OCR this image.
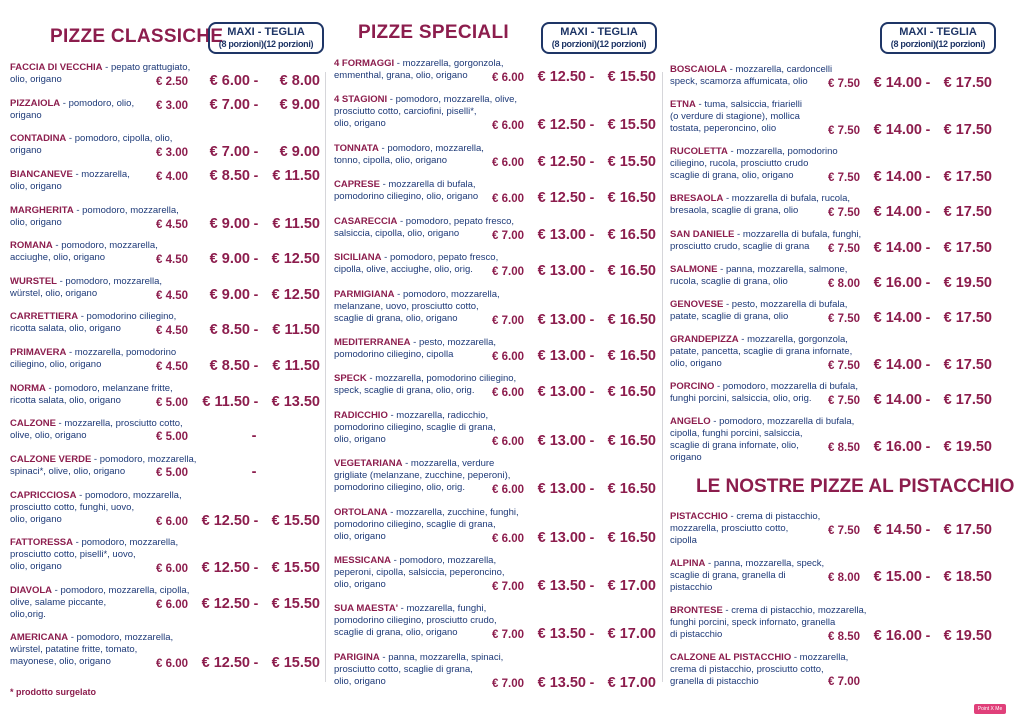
PIZZE CLASSICHE MAXI - TEGLIA
(8 porzioni)(12 porzioni)
PIZZE SPECIALI	MAXI - TEGLIA
(8 porzioni)(12 porzioni)
MAXI - TEGLIA
(8 porzioni)(12 porzioni)
€ 2.50	€ 6.00 -	€ 8.00
FACCIA DI VECCHIA - pepato grattugiato,
olio, origano
€ 3.00	€ 7.00 -	€ 9.00
PIZZAIOLA - pomodoro, olio, origano
€ 3.00	€ 7.00 -	€ 9.00
CONTADINA - pomodoro, cipolla, olio,
origano
€ 4.00	€ 8.50 - € 11.50
BIANCANEVE - mozzarella, olio, origano
€ 4.50	€ 9.00 - € 11.50
MARGHERITA - pomodoro, mozzarella,
olio, origano
€ 4.50	€ 9.00 - € 12.50
ROMANA - pomodoro, mozzarella,
acciughe, olio, origano
€ 4.50	€ 9.00 - € 12.50
WURSTEL - pomodoro, mozzarella,
würstel, olio, origano
€ 4.50	€ 8.50 - € 11.50
CARRETTIERA - pomodorino ciliegino,
ricotta salata, olio, origano
€ 4.50	€ 8.50 - € 11.50
PRIMAVERA - mozzarella, pomodorino
ciliegino, olio, origano
€ 5.00 € 11.50 - € 13.50
NORMA - pomodoro, melanzane fritte,
ricotta salata, olio, origano
€ 5.00	-
CALZONE - mozzarella, prosciutto cotto,
olive, olio, origano
€ 5.00	-
CALZONE VERDE - pomodoro, mozzarella,
spinaci*, olive, olio, origano
€ 6.00 € 12.50 - € 15.50
CAPRICCIOSA - pomodoro, mozzarella,
prosciutto cotto, funghi, uovo,
olio, origano
€ 6.00 € 12.50 - € 15.50
FATTORESSA - pomodoro, mozzarella,
prosciutto cotto, piselli*, uovo,
olio, origano
€ 6.00 € 12.50 - € 15.50
DIAVOLA - pomodoro, mozzarella, cipolla,
olive, salame piccante, olio,orig.
€ 6.00 € 12.50 - € 15.50
AMERICANA - pomodoro, mozzarella,
würstel, patatine fritte, tomato,
mayonese, olio, origano
* prodotto surgelato
€ 6.00 € 12.50 - € 15.50
4 FORMAGGI - mozzarella, gorgonzola,
emmenthal, grana, olio, origano
€ 6.00 € 12.50 - € 15.50
4 STAGIONI - pomodoro, mozzarella, olive,
prosciutto cotto, carciofini, piselli*,
olio, origano
€ 6.00 € 12.50 - € 15.50
TONNATA - pomodoro, mozzarella,
tonno, cipolla, olio, origano
€ 6.00 € 12.50 - € 16.50
CAPRESE - mozzarella di bufala,
pomodorino ciliegino, olio, origano
€ 7.00 € 13.00 - € 16.50
CASARECCIA - pomodoro, pepato fresco,
salsiccia, cipolla, olio, origano
€ 7.00 € 13.00 - € 16.50
SICILIANA - pomodoro, pepato fresco,
cipolla, olive, acciughe, olio, orig.
€ 7.00 € 13.00 - € 16.50
PARMIGIANA - pomodoro, mozzarella,
melanzane, uovo, prosciutto cotto,
scaglie di grana, olio, origano
€ 6.00 € 13.00 - € 16.50
MEDITERRANEA - pesto, mozzarella,
pomodorino ciliegino, cipolla
€ 6.00 € 13.00 - € 16.50
SPECK - mozzarella, pomodorino ciliegino,
speck, scaglie di grana, olio, orig.
€ 6.00 € 13.00 - € 16.50
RADICCHIO - mozzarella, radicchio,
pomodorino ciliegino, scaglie di grana,
olio, origano
€ 6.00 € 13.00 - € 16.50
VEGETARIANA - mozzarella, verdure
grigliate (melanzane, zucchine, peperoni),
pomodorino ciliegino, olio, orig.
€ 6.00 € 13.00 - € 16.50
ORTOLANA - mozzarella, zucchine, funghi,
pomodorino ciliegino, scaglie di grana,
olio, origano
€ 7.00 € 13.50 - € 17.00
MESSICANA - pomodoro, mozzarella,
peperoni, cipolla, salsiccia, peperoncino,
olio, origano
€ 7.00 € 13.50 - € 17.00
SUA MAESTA' - mozzarella, funghi,
pomodorino ciliegino, prosciutto crudo,
scaglie di grana, olio, origano
€ 7.00 € 13.50 - € 17.00
PARIGINA - panna, mozzarella, spinaci,
prosciutto cotto, scaglie di grana,
olio, origano
€ 7.50 € 14.00 - € 17.50
BOSCAIOLA - mozzarella, cardoncelli
speck, scamorza affumicata, olio
€ 7.50 € 14.00 - € 17.50
ETNA - tuma, salsiccia, friarielli
(o verdure di stagione), mollica
tostata, peperoncino, olio
€ 7.50 € 14.00 - € 17.50
RUCOLETTA - mozzarella, pomodorino
ciliegino, rucola, prosciutto crudo
scaglie di grana, olio, origano
€ 7.50 € 14.00 - € 17.50
BRESAOLA - mozzarella di bufala, rucola,
bresaola, scaglie di grana, olio
€ 7.50 € 14.00 - € 17.50
SAN DANIELE - mozzarella di bufala, funghi,
prosciutto crudo, scaglie di grana
€ 8.00 € 16.00 - € 19.50
SALMONE - panna, mozzarella, salmone,
rucola, scaglie di grana, olio
€ 7.50 € 14.00 - € 17.50
GENOVESE - pesto, mozzarella di bufala,
patate, scaglie di grana, olio
€ 7.50 € 14.00 - € 17.50
GRANDEPIZZA - mozzarella, gorgonzola,
patate, pancetta, scaglie di grana infornate,
olio, origano
€ 7.50 € 14.00 - € 17.50
PORCINO - pomodoro, mozzarella di bufala,
funghi porcini, salsiccia, olio, orig.
€ 8.50 € 16.00 - € 19.50
ANGELO - pomodoro, mozzarella di bufala,
cipolla, funghi porcini, salsiccia,
scaglie di grana infornate, olio, origano
LE NOSTRE PIZZE AL PISTACCHIO
€ 7.50 € 14.50 - € 17.50
PISTACCHIO - crema di pistacchio,
mozzarella, prosciutto cotto, cipolla
€ 8.00 € 15.00 - € 18.50
ALPINA - panna, mozzarella, speck,
scaglie di grana, granella di pistacchio
€ 8.50 € 16.00 - € 19.50
BRONTESE - crema di pistacchio, mozzarella,
funghi porcini, speck infornato, granella
di pistacchio
€ 7.00
CALZONE AL PISTACCHIO - mozzarella,
crema di pistacchio, prosciutto cotto,
granella di pistacchio
Point X Me
